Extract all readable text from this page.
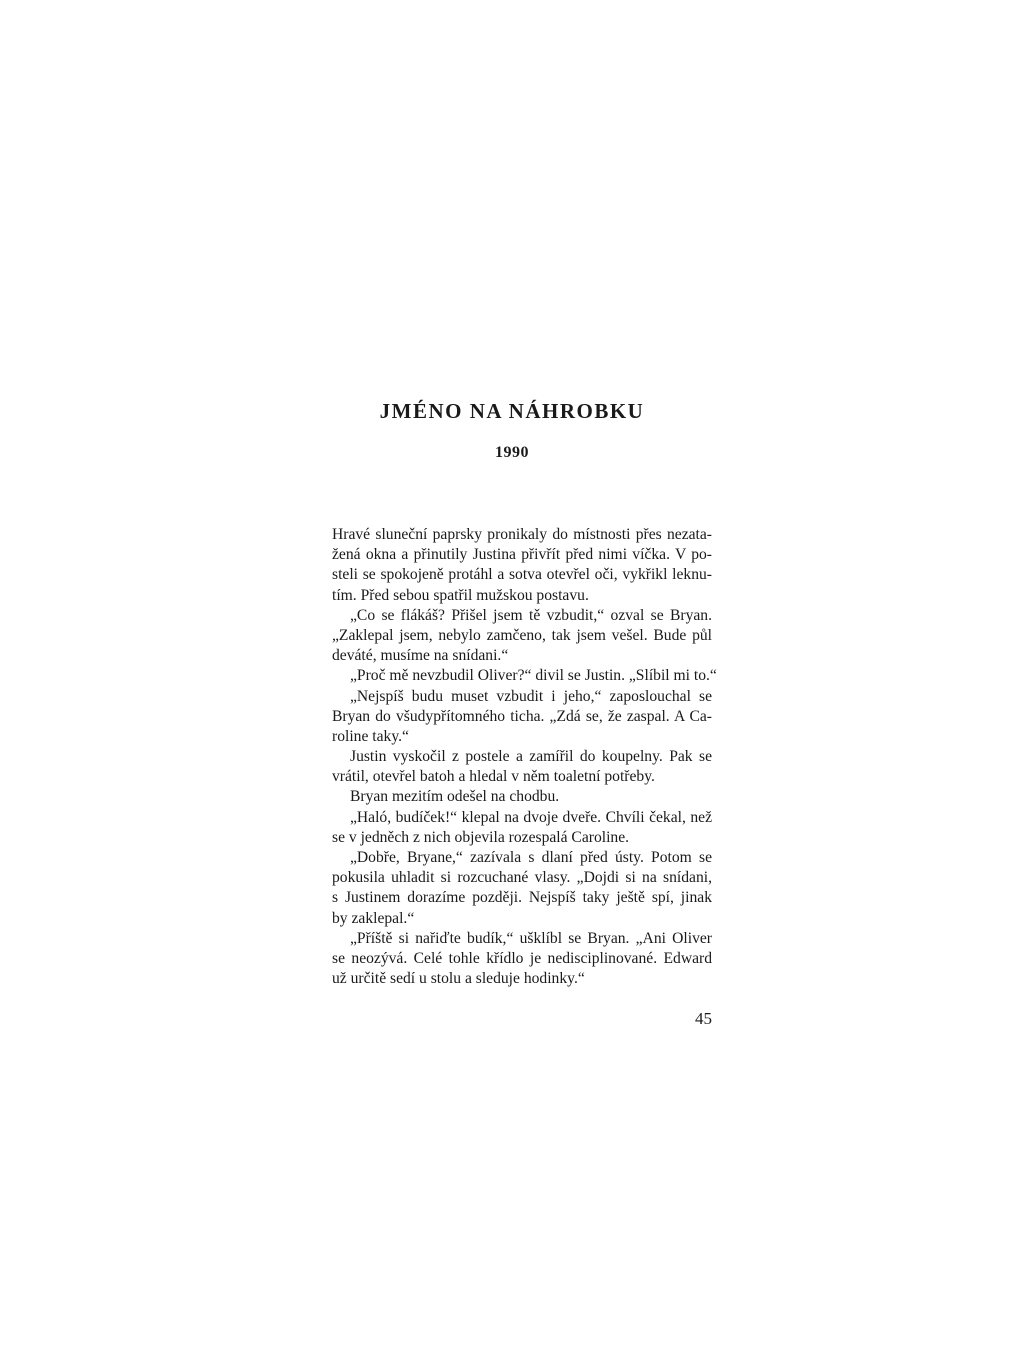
JMÉNO NA NÁHROBKU
1990
Hravé sluneční paprsky pronikaly do místnosti přes nezata-
žená okna a přinutily Justina přivřít před nimi víčka. V po-
steli se spokojeně protáhl a sotva otevřel oči, vykřikl leknu-
tím. Před sebou spatřil mužskou postavu.
„Co se flákáš? Přišel jsem tě vzbudit,“ ozval se Bryan.
„Zaklepal jsem, nebylo zamčeno, tak jsem vešel. Bude půl
deváté, musíme na snídani.“
„Proč mě nevzbudil Oliver?“ divil se Justin. „Slíbil mi to.“
„Nejspíš budu muset vzbudit i jeho,“ zaposlouchal se
Bryan do všudypřítomného ticha. „Zdá se, že zaspal. A Ca-
roline taky.“
Justin vyskočil z postele a zamířil do koupelny. Pak se
vrátil, otevřel batoh a hledal v něm toaletní potřeby.
Bryan mezitím odešel na chodbu.
„Haló, budíček!“ klepal na dvoje dveře. Chvíli čekal, než
se v jedněch z nich objevila rozespalá Caroline.
„Dobře, Bryane,“ zazívala s dlaní před ústy. Potom se
pokusila uhladit si rozcuchané vlasy. „Dojdi si na snídani,
s Justinem dorazíme později. Nejspíš taky ještě spí, jinak
by zaklepal.“
„Příště si nařiďte budík,“ ušklíbl se Bryan. „Ani Oliver
se neozývá. Celé tohle křídlo je nedisciplinované. Edward
už určitě sedí u stolu a sleduje hodinky.“
45
